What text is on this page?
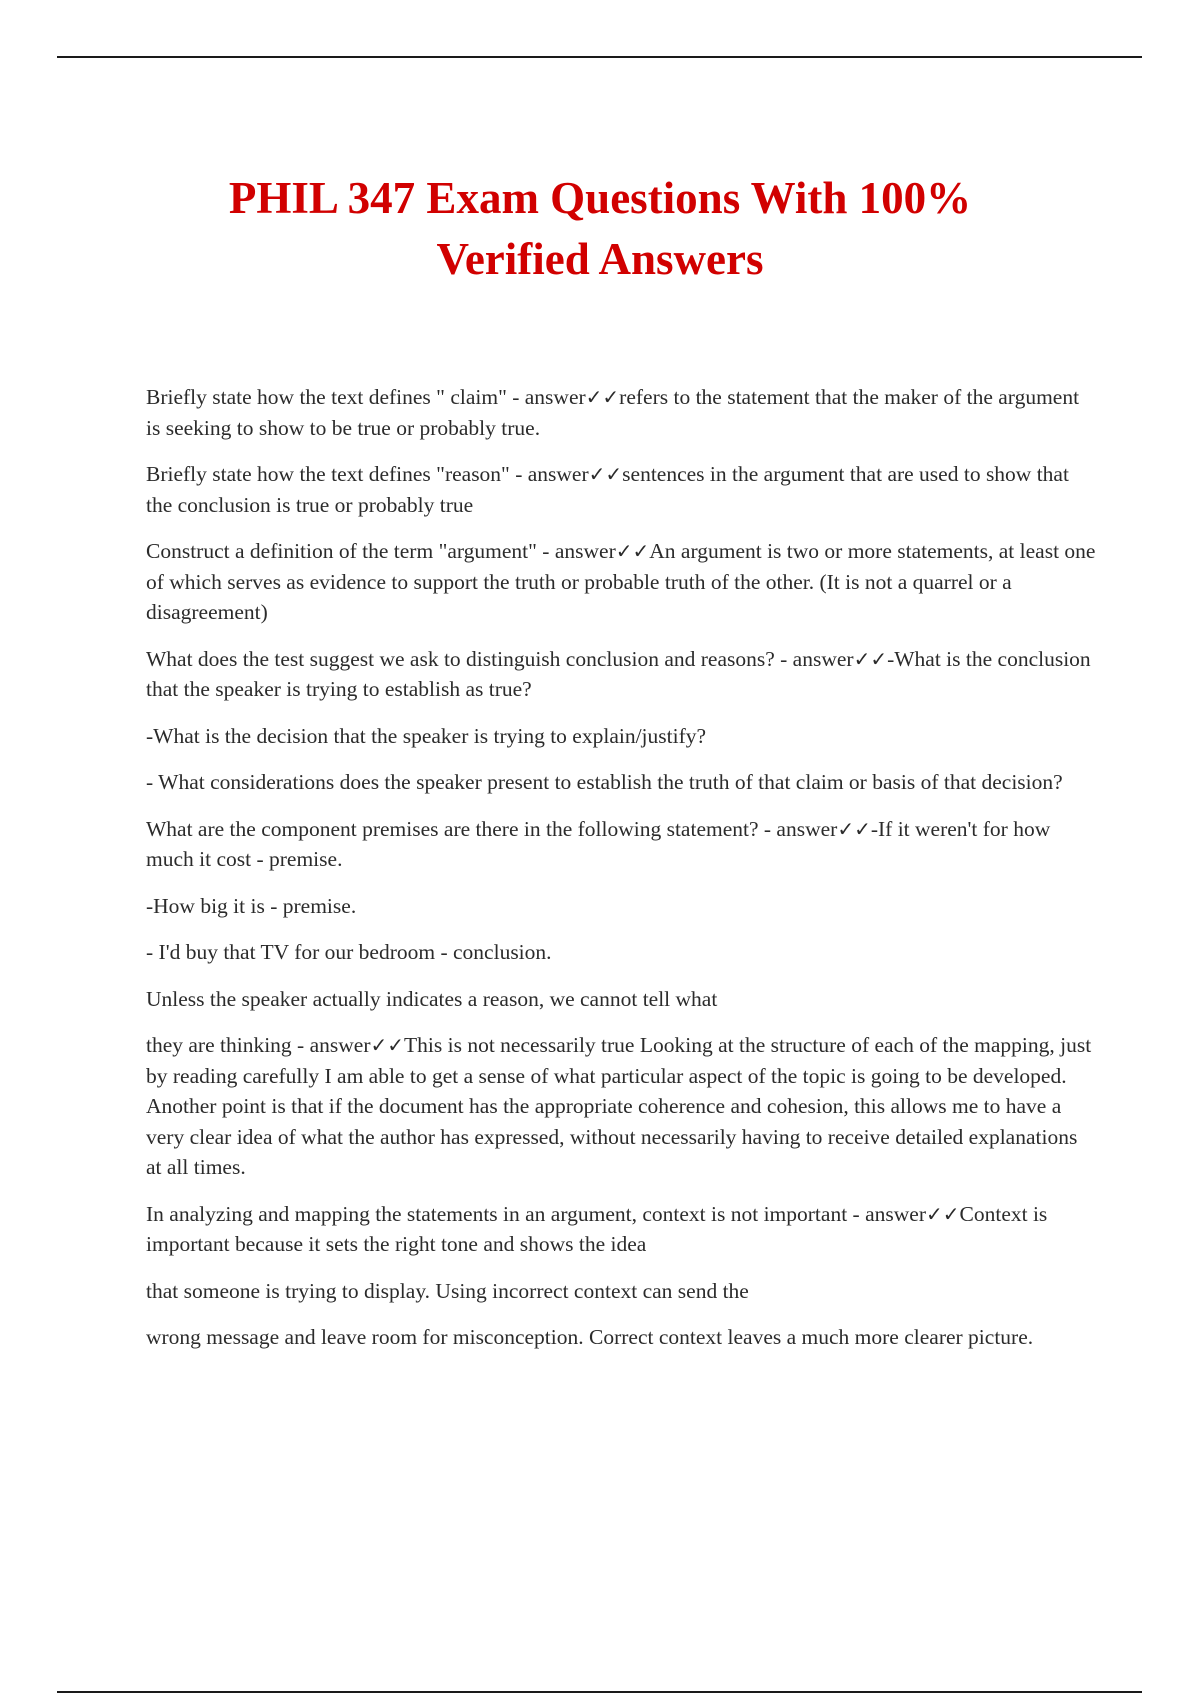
PHIL 347 Exam Questions With 100%
Verified Answers

Briefly state how the text defines " claim" - answer✓✓refers to the statement that the maker of the argument is seeking to show to be true or probably true.

Briefly state how the text defines "reason" - answer✓✓sentences in the argument that are used to show that the conclusion is true or probably true

Construct a definition of the term "argument" - answer✓✓An argument is two or more statements, at least one of which serves as evidence to support the truth or probable truth of the other. (It is not a quarrel or a disagreement)

What does the test suggest we ask to distinguish conclusion and reasons? - answer✓✓-What is the conclusion that the speaker is trying to establish as true?

-What is the decision that the speaker is trying to explain/justify?

- What considerations does the speaker present to establish the truth of that claim or basis of that decision?

What are the component premises are there in the following statement? - answer✓✓-If it weren't for how much it cost - premise.

-How big it is - premise.

- I'd buy that TV for our bedroom - conclusion.

Unless the speaker actually indicates a reason, we cannot tell what

they are thinking - answer✓✓This is not necessarily true Looking at the structure of each of the mapping, just by reading carefully I am able to get a sense of what particular aspect of the topic is going to be developed. Another point is that if the document has the appropriate coherence and cohesion, this allows me to have a very clear idea of what the author has expressed, without necessarily having to receive detailed explanations at all times.

In analyzing and mapping the statements in an argument, context is not important - answer✓✓Context is important because it sets the right tone and shows the idea

that someone is trying to display. Using incorrect context can send the

wrong message and leave room for misconception. Correct context leaves a much more clearer picture.
